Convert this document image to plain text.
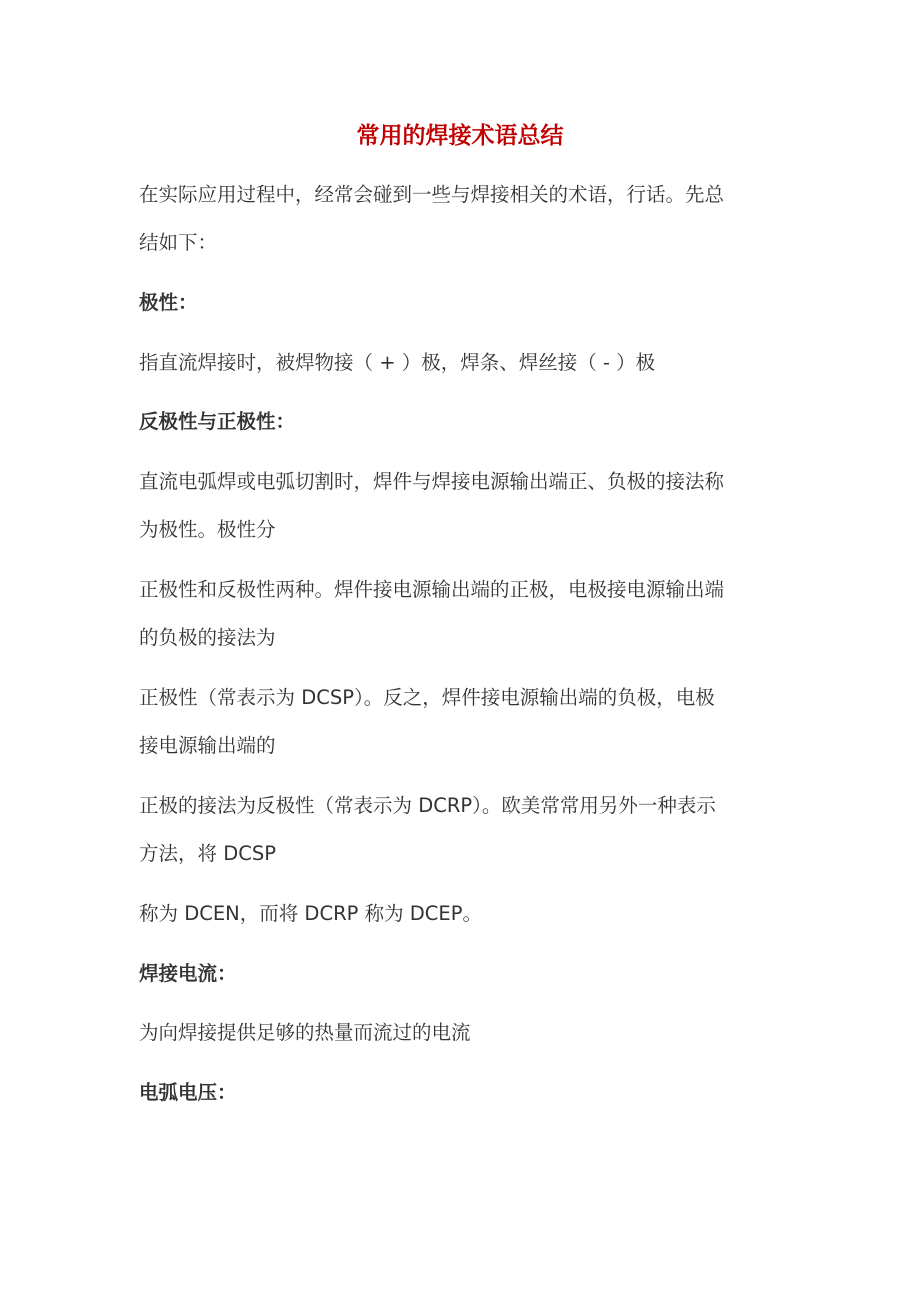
常用的焊接术语总结
在实际应用过程中，经常会碰到一些与焊接相关的术语，行话。先总
结如下：
极性：
指直流焊接时，被焊物接（ + ）极，焊条、焊丝接（ - ）极
反极性与正极性：
直流电弧焊或电弧切割时，焊件与焊接电源输出端正、负极的接法称
为极性。极性分
正极性和反极性两种。焊件接电源输出端的正极，电极接电源输出端
的负极的接法为
正极性（常表示为 DCSP）。反之，焊件接电源输出端的负极，电极
接电源输出端的
正极的接法为反极性（常表示为 DCRP）。欧美常常用另外一种表示
方法，将 DCSP
称为 DCEN，而将 DCRP 称为 DCEP。
焊接电流：
为向焊接提供足够的热量而流过的电流
电弧电压：
